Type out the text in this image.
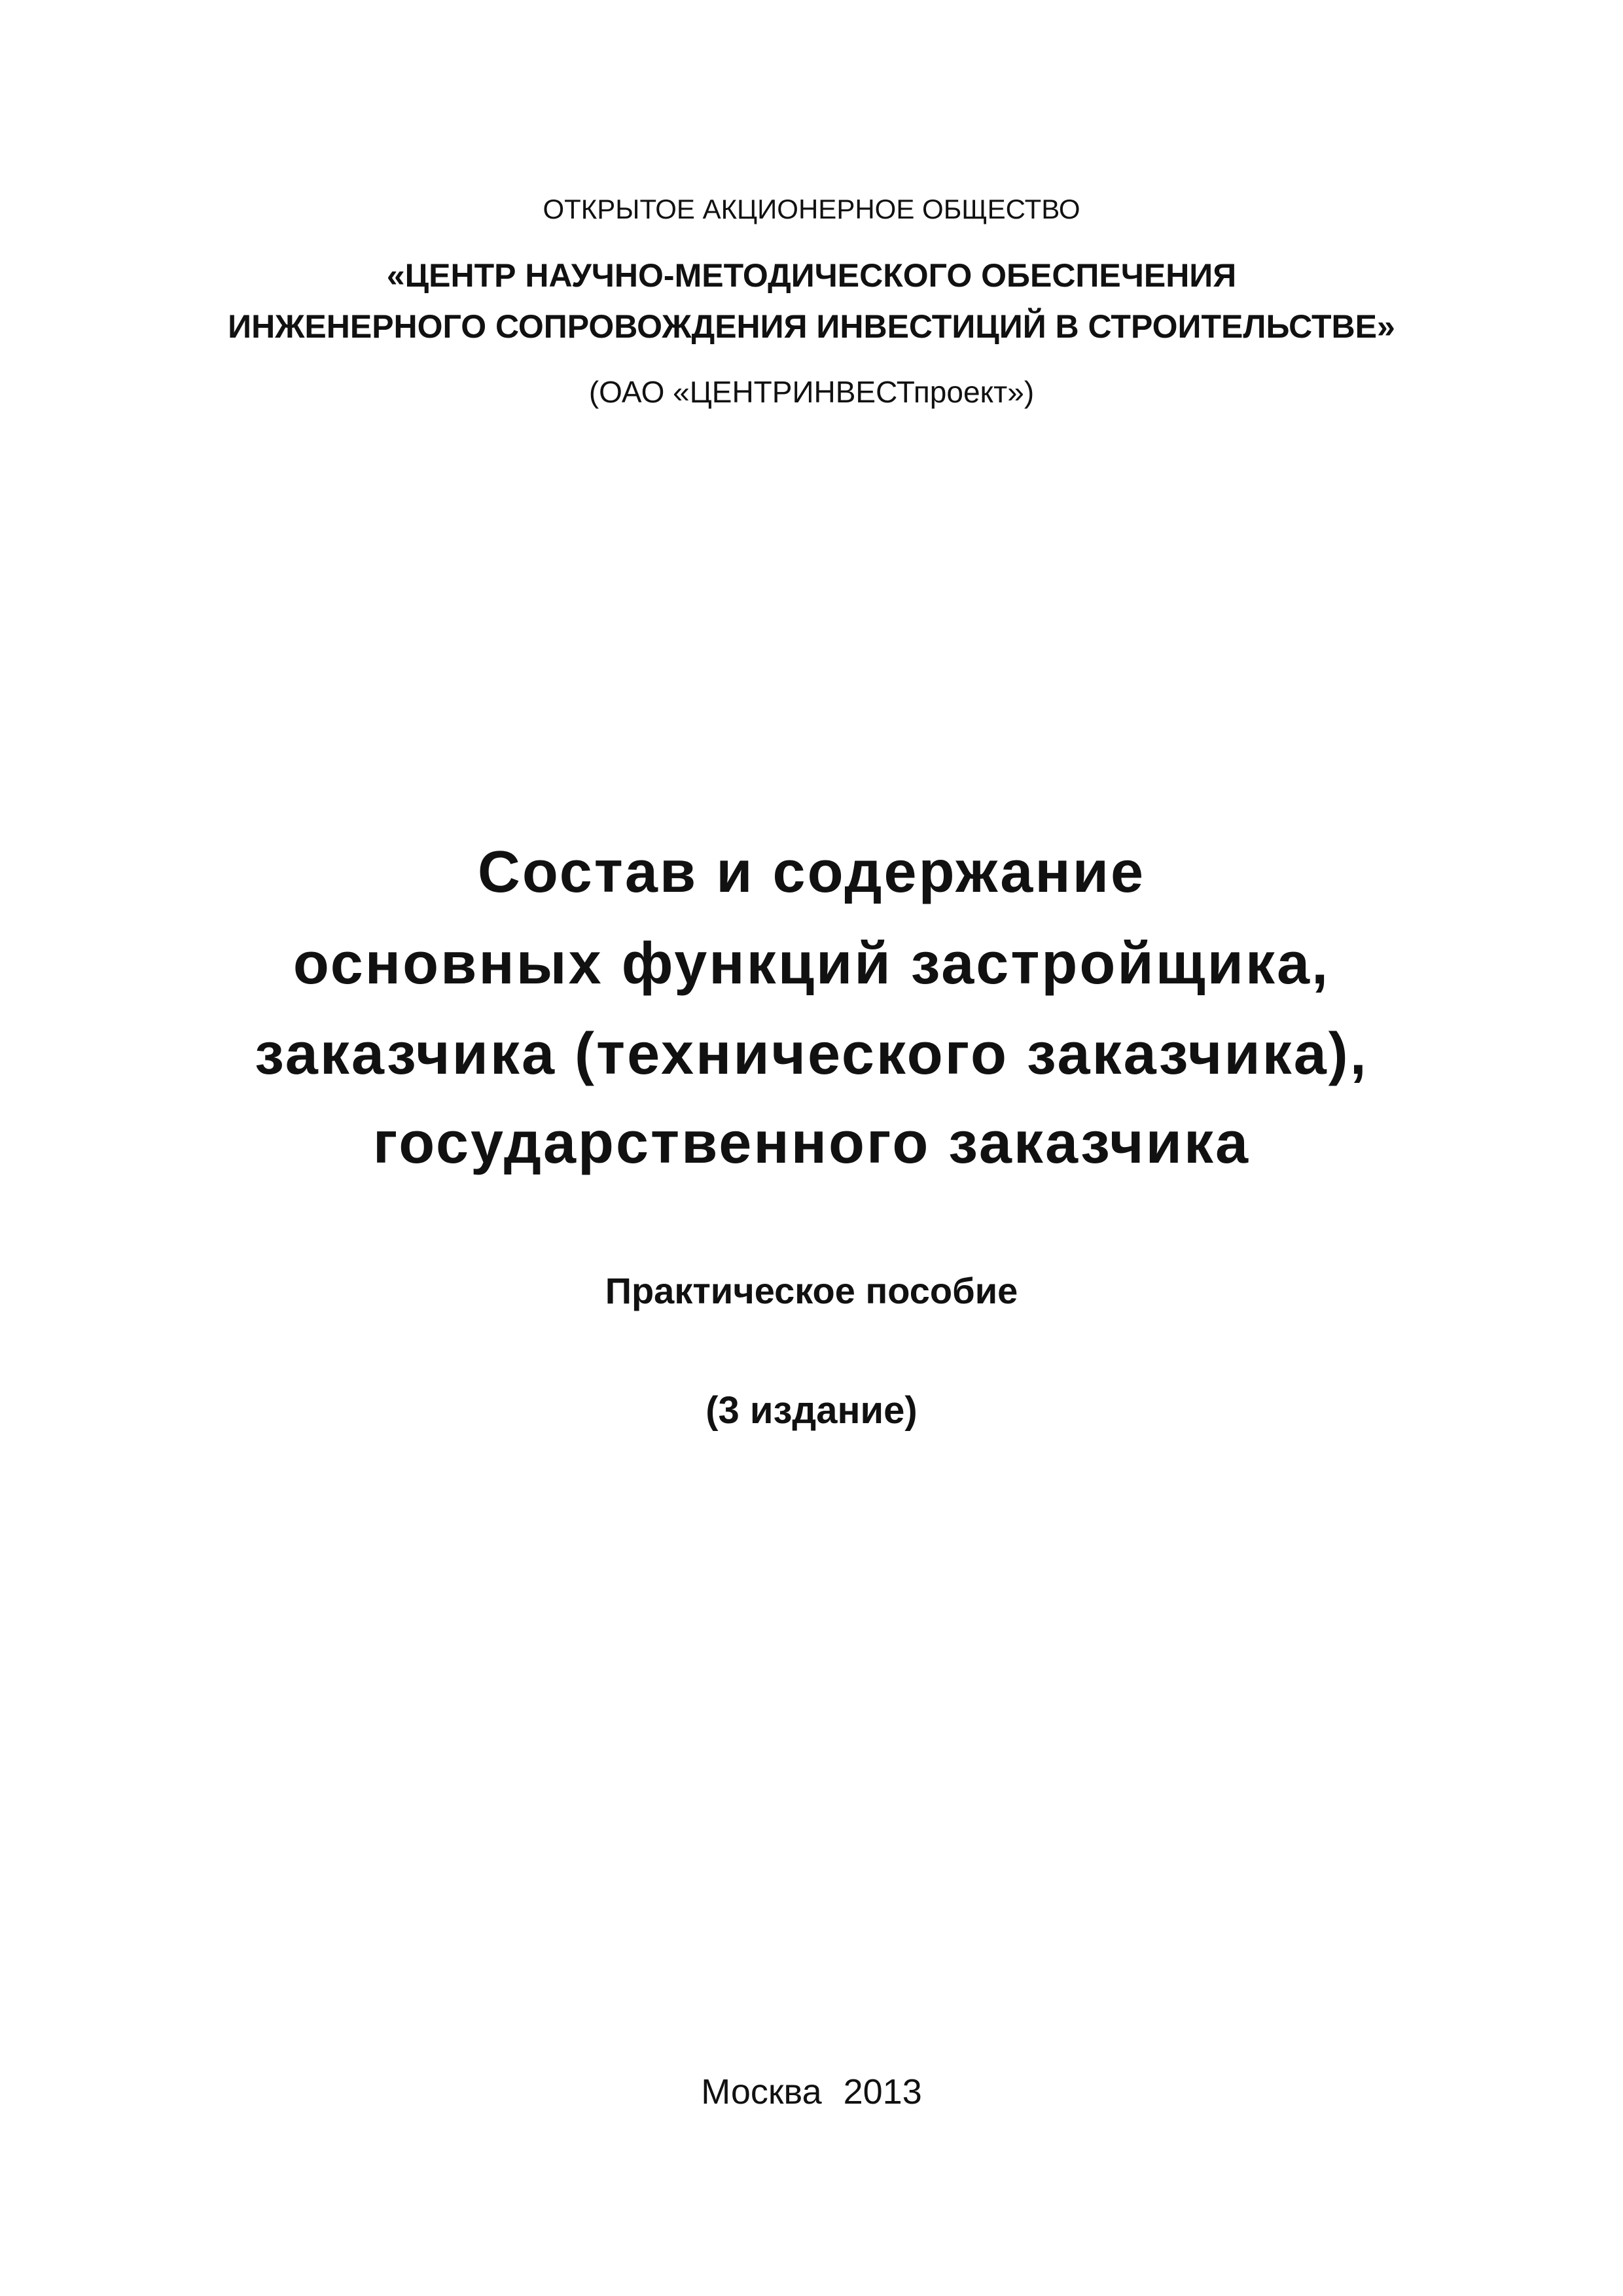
ОТКРЫТОЕ АКЦИОНЕРНОЕ ОБЩЕСТВО
«ЦЕНТР НАУЧНО-МЕТОДИЧЕСКОГО ОБЕСПЕЧЕНИЯ
ИНЖЕНЕРНОГО СОПРОВОЖДЕНИЯ ИНВЕСТИЦИЙ В СТРОИТЕЛЬСТВЕ»
(ОАО «ЦЕНТРИНВЕСТпроект»)
Состав и содержание
основных функций застройщика,
заказчика (технического заказчика),
государственного заказчика
Практическое пособие
(3 издание)
Москва 2013
